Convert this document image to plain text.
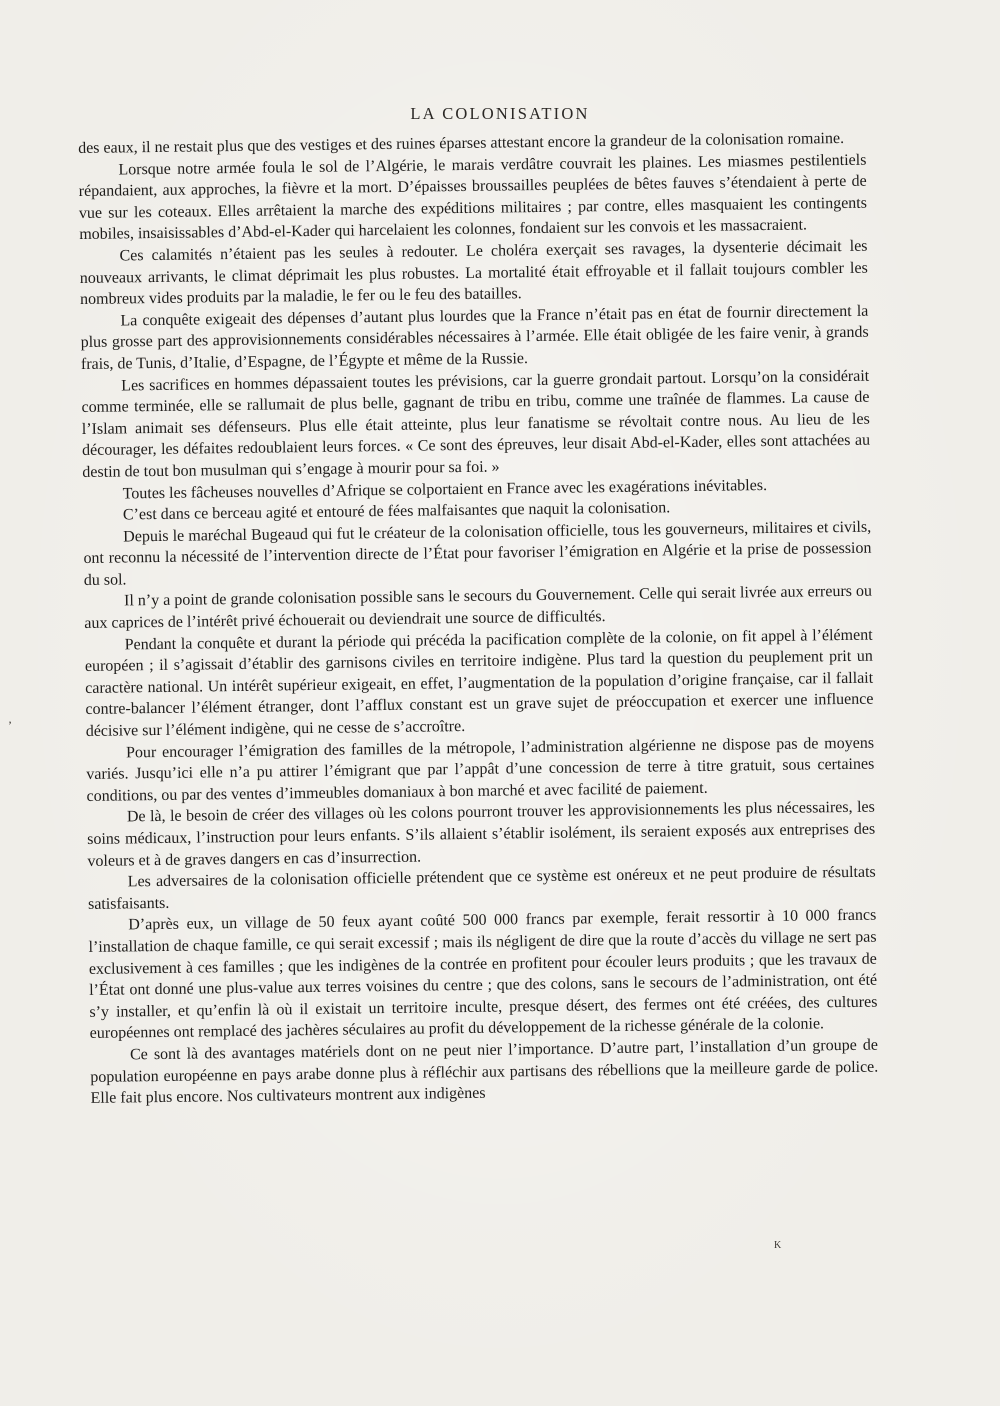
LA COLONISATION

des eaux, il ne restait plus que des vestiges et des ruines éparses attestant encore la grandeur de la colonisation romaine.

Lorsque notre armée foula le sol de l’Algérie, le marais verdâtre couvrait les plaines. Les miasmes pestilentiels répandaient, aux approches, la fièvre et la mort. D’épaisses broussailles peuplées de bêtes fauves s’étendaient à perte de vue sur les coteaux. Elles arrêtaient la marche des expéditions militaires ; par contre, elles masquaient les contingents mobiles, insaisissables d’Abd-el-Kader qui harcelaient les colonnes, fondaient sur les convois et les massacraient.

Ces calamités n’étaient pas les seules à redouter. Le choléra exerçait ses ravages, la dysenterie décimait les nouveaux arrivants, le climat déprimait les plus robustes. La mortalité était effroyable et il fallait toujours combler les nombreux vides produits par la maladie, le fer ou le feu des batailles.

La conquête exigeait des dépenses d’autant plus lourdes que la France n’était pas en état de fournir directement la plus grosse part des approvisionnements considérables nécessaires à l’armée. Elle était obligée de les faire venir, à grands frais, de Tunis, d’Italie, d’Espagne, de l’Égypte et même de la Russie.

Les sacrifices en hommes dépassaient toutes les prévisions, car la guerre grondait partout. Lorsqu’on la considérait comme terminée, elle se rallumait de plus belle, gagnant de tribu en tribu, comme une traînée de flammes. La cause de l’Islam animait ses défenseurs. Plus elle était atteinte, plus leur fanatisme se révoltait contre nous. Au lieu de les décourager, les défaites redoublaient leurs forces. « Ce sont des épreuves, leur disait Abd-el-Kader, elles sont attachées au destin de tout bon musulman qui s’engage à mourir pour sa foi. »

Toutes les fâcheuses nouvelles d’Afrique se colportaient en France avec les exagérations inévitables.

C’est dans ce berceau agité et entouré de fées malfaisantes que naquit la colonisation.

Depuis le maréchal Bugeaud qui fut le créateur de la colonisation officielle, tous les gouverneurs, militaires et civils, ont reconnu la nécessité de l’intervention directe de l’État pour favoriser l’émigration en Algérie et la prise de possession du sol.

Il n’y a point de grande colonisation possible sans le secours du Gouvernement. Celle qui serait livrée aux erreurs ou aux caprices de l’intérêt privé échouerait ou deviendrait une source de difficultés.

Pendant la conquête et durant la période qui précéda la pacification complète de la colonie, on fit appel à l’élément européen ; il s’agissait d’établir des garnisons civiles en territoire indigène. Plus tard la question du peuplement prit un caractère national. Un intérêt supérieur exigeait, en effet, l’augmentation de la population d’origine française, car il fallait contre-balancer l’élément étranger, dont l’afflux constant est un grave sujet de préoccupation et exercer une influence décisive sur l’élément indigène, qui ne cesse de s’accroître.

Pour encourager l’émigration des familles de la métropole, l’administration algérienne ne dispose pas de moyens variés. Jusqu’ici elle n’a pu attirer l’émigrant que par l’appât d’une concession de terre à titre gratuit, sous certaines conditions, ou par des ventes d’immeubles domaniaux à bon marché et avec facilité de paiement.

De là, le besoin de créer des villages où les colons pourront trouver les approvisionnements les plus nécessaires, les soins médicaux, l’instruction pour leurs enfants. S’ils allaient s’établir isolément, ils seraient exposés aux entreprises des voleurs et à de graves dangers en cas d’insurrection.

Les adversaires de la colonisation officielle prétendent que ce système est onéreux et ne peut produire de résultats satisfaisants.

D’après eux, un village de 50 feux ayant coûté 500 000 francs par exemple, ferait ressortir à 10 000 francs l’installation de chaque famille, ce qui serait excessif ; mais ils négligent de dire que la route d’accès du village ne sert pas exclusivement à ces familles ; que les indigènes de la contrée en profitent pour écouler leurs produits ; que les travaux de l’État ont donné une plus-value aux terres voisines du centre ; que des colons, sans le secours de l’administration, ont été s’y installer, et qu’enfin là où il existait un territoire inculte, presque désert, des fermes ont été créées, des cultures européennes ont remplacé des jachères séculaires au profit du développement de la richesse générale de la colonie.

Ce sont là des avantages matériels dont on ne peut nier l’importance. D’autre part, l’installation d’un groupe de population européenne en pays arabe donne plus à réfléchir aux partisans des rébellions que la meilleure garde de police. Elle fait plus encore. Nos cultivateurs montrent aux indigènes

K
’
